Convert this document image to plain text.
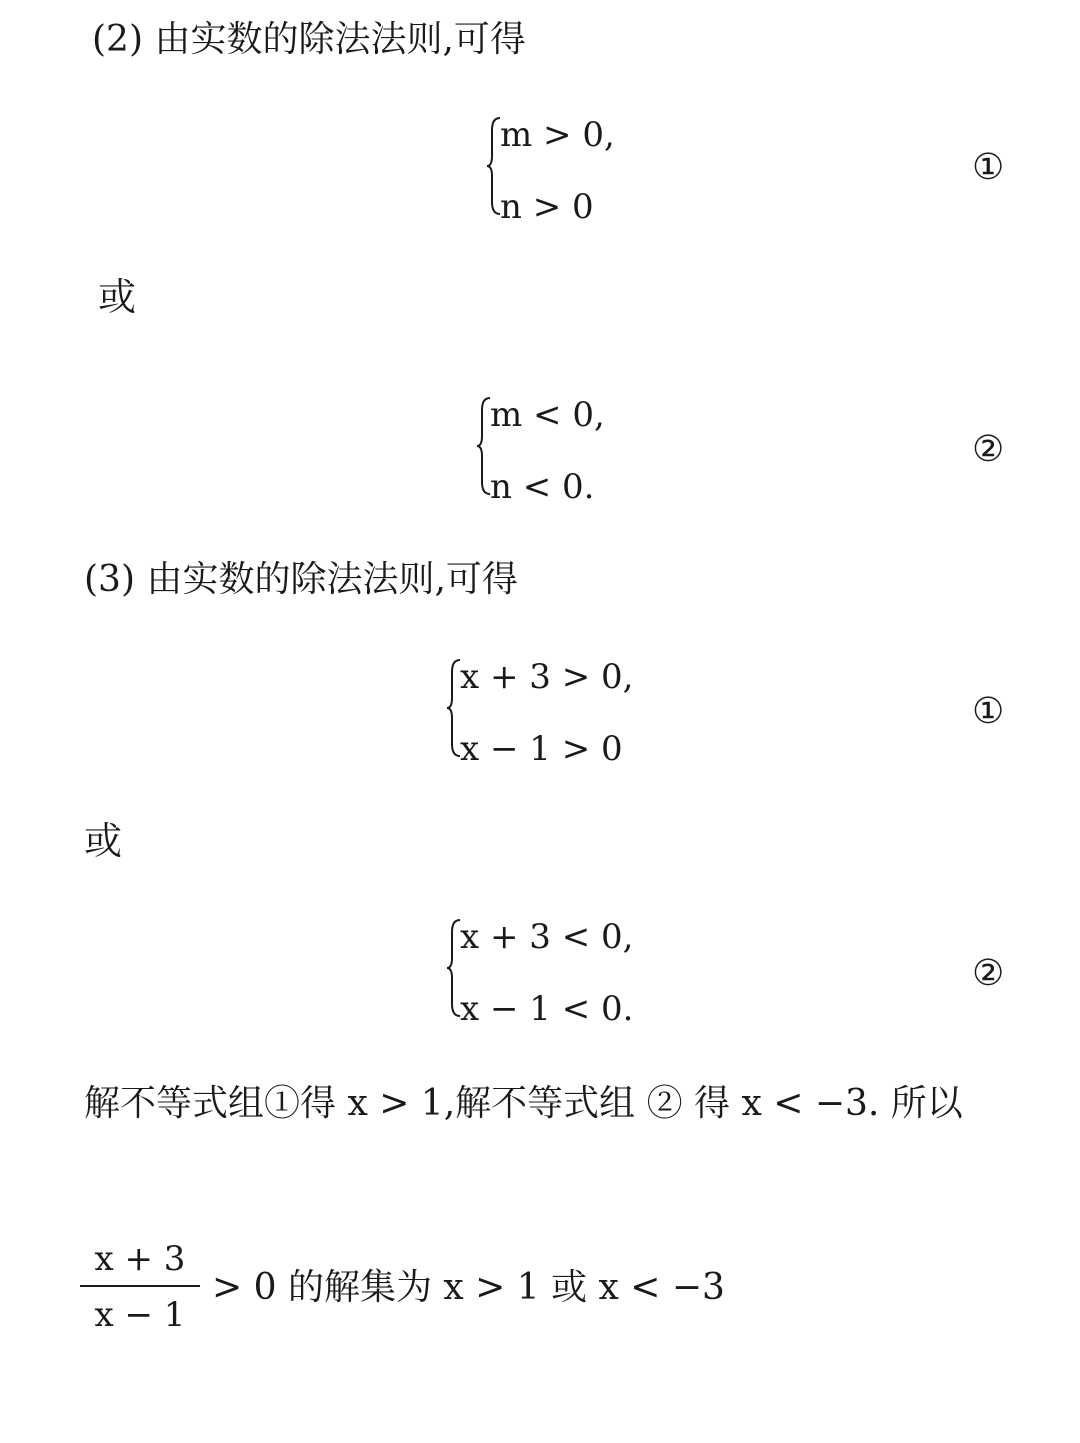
(2) 由实数的除法法则,可得
m > 0,
n > 0
①
或
m < 0,
n < 0.
②
(3) 由实数的除法法则,可得
x + 3 > 0,
x − 1 > 0
①
或
x + 3 < 0,
x − 1 < 0.
②
解不等式组①得 x > 1,解不等式组 ② 得 x < −3. 所以
x + 3
x − 1
> 0 的解集为 x > 1 或 x < −3
